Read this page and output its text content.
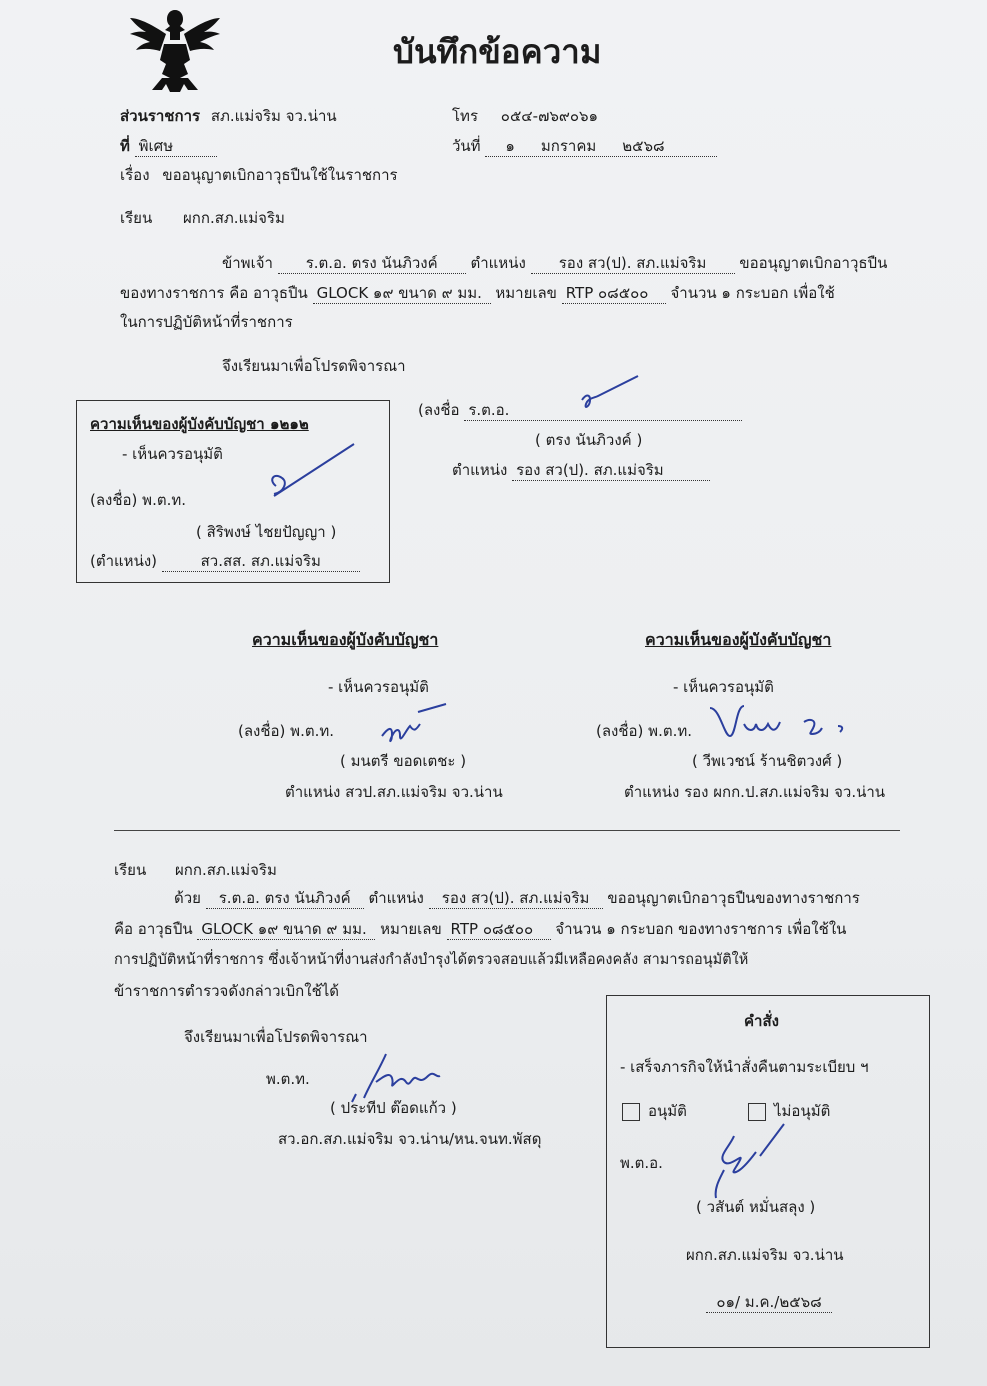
บันทึกข้อความ
ส่วนราชการ สภ.แม่จริม จว.น่าน	โทร ๐๕๔-๗๖๙๐๖๑
ที่ พิเศษ	วันที่ ๑ มกราคม ๒๕๖๘
เรื่อง ขออนุญาตเบิกอาวุธปืนใช้ในราชการ
เรียน ผกก.สภ.แม่จริม
ข้าพเจ้า ร.ต.อ. ตรง นันภิวงค์ ตำแหน่ง รอง สว(ป). สภ.แม่จริม ขออนุญาตเบิกอาวุธปืน
ของทางราชการ คือ อาวุธปืน GLOCK ๑๙ ขนาด ๙ มม. หมายเลข RTP ๐๘๕๐๐ จำนวน ๑ กระบอก เพื่อใช้
ในการปฏิบัติหน้าที่ราชการ
จึงเรียนมาเพื่อโปรดพิจารณา
(ลงชื่อ ร.ต.อ.
( ตรง นันภิวงค์ )
ตำแหน่ง รอง สว(ป). สภ.แม่จริม
ความเห็นของผู้บังคับบัญชา ๑๒๑๒
- เห็นควรอนุมัติ
(ลงชื่อ) พ.ต.ท.
( สิริพงษ์ ไชยปัญญา )
(ตำแหน่ง)	สว.สส. สภ.แม่จริม
ความเห็นของผู้บังคับบัญชา
- เห็นควรอนุมัติ
(ลงชื่อ) พ.ต.ท.
( มนตรี ขอดเตชะ )
ตำแหน่ง สวป.สภ.แม่จริม จว.น่าน
ความเห็นของผู้บังคับบัญชา
- เห็นควรอนุมัติ
(ลงชื่อ) พ.ต.ท.
( วีพเวชน์ ร้านชิตวงศ์ )
ตำแหน่ง รอง ผกก.ป.สภ.แม่จริม จว.น่าน
เรียน ผกก.สภ.แม่จริม
ด้วย ร.ต.อ. ตรง นันภิวงค์ ตำแหน่ง รอง สว(ป). สภ.แม่จริม ขออนุญาตเบิกอาวุธปืนของทางราชการ
คือ อาวุธปืน GLOCK ๑๙ ขนาด ๙ มม. หมายเลข RTP ๐๘๕๐๐ จำนวน ๑ กระบอก ของทางราชการ เพื่อใช้ใน
การปฏิบัติหน้าที่ราชการ ซึ่งเจ้าหน้าที่งานส่งกำลังบำรุงได้ตรวจสอบแล้วมีเหลือคงคลัง สามารถอนุมัติให้
ข้าราชการตำรวจดังกล่าวเบิกใช้ได้
จึงเรียนมาเพื่อโปรดพิจารณา
พ.ต.ท.
( ประทีป ต๊อดแก้ว )
สว.อก.สภ.แม่จริม จว.น่าน/หน.จนท.พัสดุ
คำสั่ง
- เสร็จภารกิจให้นำสั่งคืนตามระเบียบ ฯ
อนุมัติ	ไม่อนุมัติ
พ.ต.อ.
( วสันต์ หมั่นสลุง )
ผกก.สภ.แม่จริม จว.น่าน
๐๑/ ม.ค./๒๕๖๘
